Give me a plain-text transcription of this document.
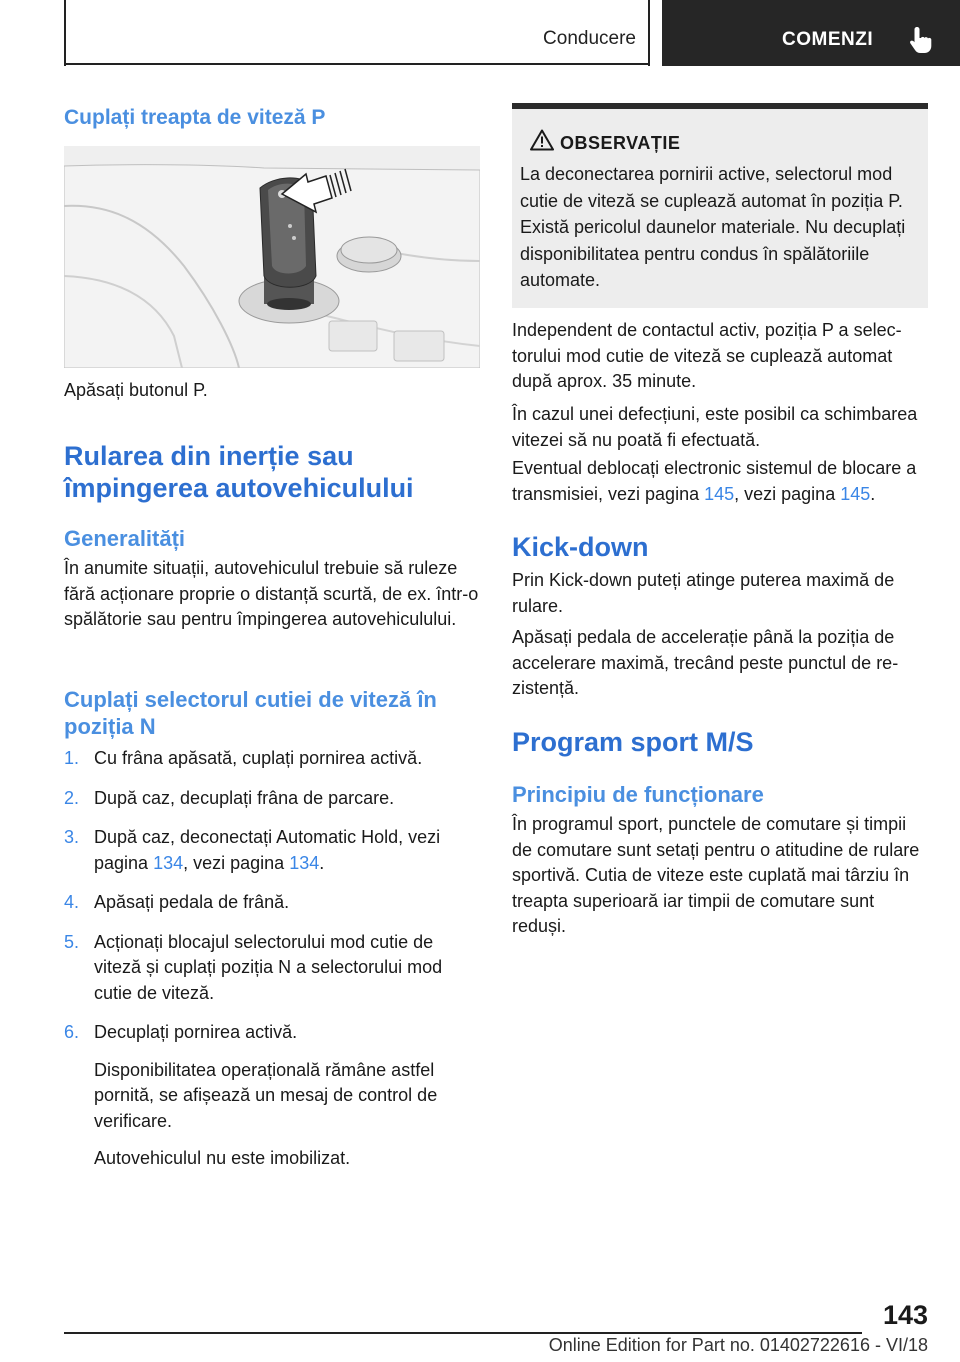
Conducere	COMENZI
Cuplați treapta de viteză P

Apăsați butonul P.

Rularea din inerție sau
împingerea autovehiculului
Generalități

În anumite situații, autovehiculul trebuie să ruleze fără acționare proprie o distanță scurtă, de ex. într-o spălătorie sau pentru împingerea autovehiculului.

Cuplați selectorul cutiei de viteză în poziția N

1. Cu frâna apăsată, cuplați pornirea activă.

2. După caz, decuplați frâna de parcare.

3. După caz, deconectați Automatic Hold, vezi pagina 134, vezi pagina 134.

4. Apăsați pedala de frână.

5. Acționați blocajul selectorului mod cutie de viteză și cuplați poziția N a selectorului mod cutie de viteză.

6. Decuplați pornirea activă.

Disponibilitatea operațională rămâne astfel pornită, se afișează un mesaj de control de verificare.

Autovehiculul nu este imobilizat.

OBSERVAȚIE
La deconectarea pornirii active, selectorul mod cutie de viteză se cuplează automat în poziția P. Există pericolul daunelor materiale. Nu decuplați disponibilitatea pentru condus în spălătoriile automate.

Independent de contactul activ, poziția P a selectorului mod cutie de viteză se cuplează automat după aprox. 35 minute.

În cazul unei defecțiuni, este posibil ca schimbarea vitezei să nu poată fi efectuată.

Eventual deblocați electronic sistemul de blocare a transmisiei, vezi pagina 145, vezi pagina 145.

Kick-down

Prin Kick-down puteți atinge puterea maximă de rulare.

Apăsați pedala de accelerație până la poziția de accelerare maximă, trecând peste punctul de rezistență.

Program sport M/S
Principiu de funcționare

În programul sport, punctele de comutare și timpii de comutare sunt setați pentru o atitudine de rulare sportivă. Cutia de viteze este cuplată mai târziu în treapta superioară iar timpii de comutare sunt reduși.

143
Online Edition for Part no. 01402722616 - VI/18
